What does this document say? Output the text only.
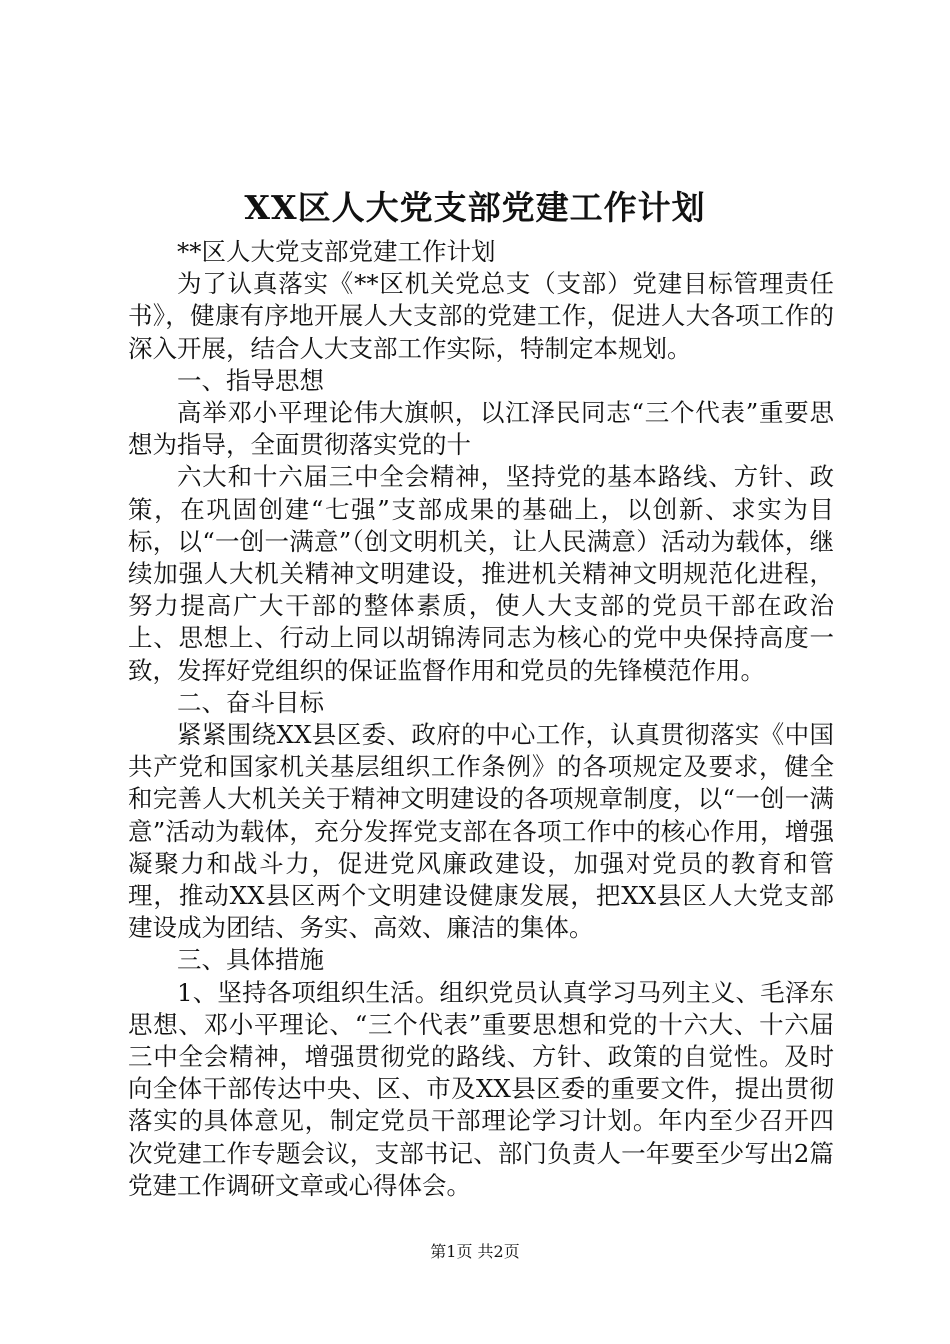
XX区人大党支部党建工作计划

**区人大党支部党建工作计划

为了认真落实《**区机关党总支（支部）党建目标管理责任书》，健康有序地开展人大支部的党建工作，促进人大各项工作的深入开展，结合人大支部工作实际，特制定本规划。

一、指导思想

高举邓小平理论伟大旗帜，以江泽民同志“三个代表”重要思想为指导，全面贯彻落实党的十

六大和十六届三中全会精神，坚持党的基本路线、方针、政策，在巩固创建“七强”支部成果的基础上，以创新、求实为目标，以“一创一满意”（创文明机关，让人民满意）活动为载体，继续加强人大机关精神文明建设，推进机关精神文明规范化进程，努力提高广大干部的整体素质，使人大支部的党员干部在政治上、思想上、行动上同以胡锦涛同志为核心的党中央保持高度一致，发挥好党组织的保证监督作用和党员的先锋模范作用。

二、奋斗目标

紧紧围绕XX县区委、政府的中心工作，认真贯彻落实《中国共产党和国家机关基层组织工作条例》的各项规定及要求，健全和完善人大机关关于精神文明建设的各项规章制度，以“一创一满意”活动为载体，充分发挥党支部在各项工作中的核心作用，增强凝聚力和战斗力，促进党风廉政建设，加强对党员的教育和管理，推动XX县区两个文明建设健康发展，把XX县区人大党支部建设成为团结、务实、高效、廉洁的集体。

三、具体措施

1、坚持各项组织生活。组织党员认真学习马列主义、毛泽东思想、邓小平理论、“三个代表”重要思想和党的十六大、十六届三中全会精神，增强贯彻党的路线、方针、政策的自觉性。及时向全体干部传达中央、区、市及XX县区委的重要文件，提出贯彻落实的具体意见，制定党员干部理论学习计划。年内至少召开四次党建工作专题会议，支部书记、部门负责人一年要至少写出2篇党建工作调研文章或心得体会。

第1页 共2页
